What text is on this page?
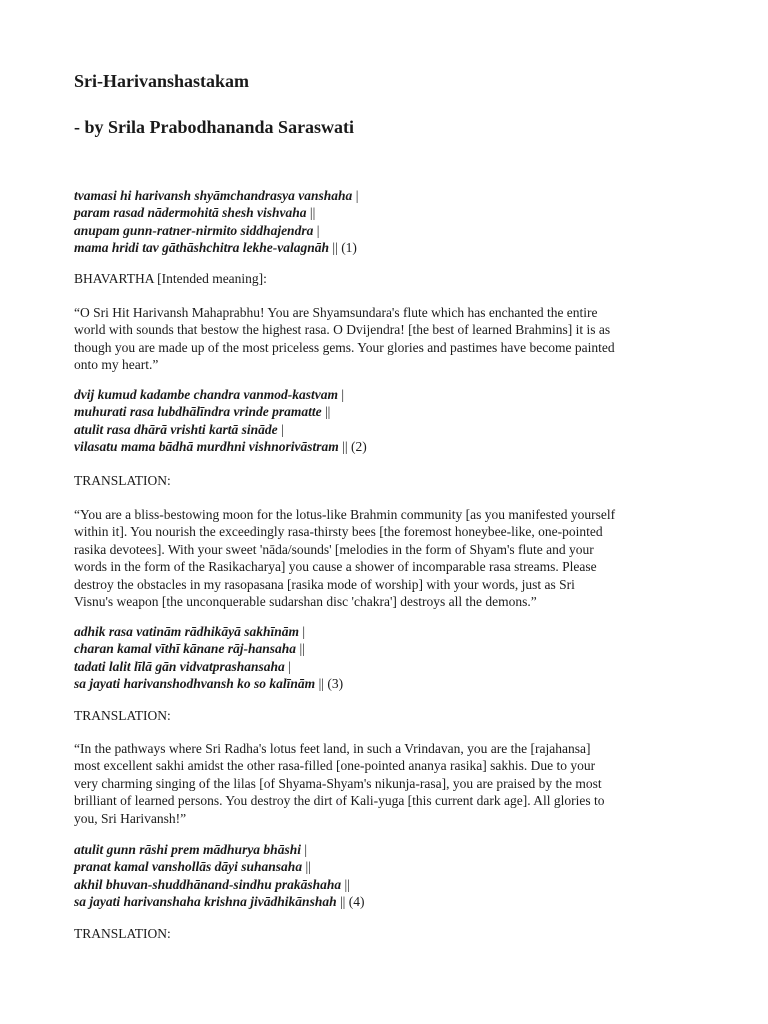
Sri-Harivanshastakam
- by Srila Prabodhananda Saraswati
tvamasi hi harivansh shyāmchandrasya vanshaha |
param rasad nādermohitā shesh vishvaha ||
anupam gunn-ratner-nirmito siddhajendra |
mama hridi tav gāthāshchitra lekhe-valagnāh || (1)
BHAVARTHA [Intended meaning]:
“O Sri Hit Harivansh Mahaprabhu! You are Shyamsundara's flute which has enchanted the entire
world with sounds that bestow the highest rasa. O Dvijendra! [the best of learned Brahmins] it is as
though you are made up of the most priceless gems. Your glories and pastimes have become painted
onto my heart.”
dvij kumud kadambe chandra vanmod-kastvam |
muhurati rasa lubdhālīndra vrinde pramatte ||
atulit rasa dhārā vrishti kartā sināde |
vilasatu mama bādhā murdhni vishnorivāstram || (2)
TRANSLATION:
“You are a bliss-bestowing moon for the lotus-like Brahmin community [as you manifested yourself
within it]. You nourish the exceedingly rasa-thirsty bees [the foremost honeybee-like, one-pointed
rasika devotees]. With your sweet 'nāda/sounds' [melodies in the form of Shyam's flute and your
words in the form of the Rasikacharya] you cause a shower of incomparable rasa streams. Please
destroy the obstacles in my rasopasana [rasika mode of worship] with your words, just as Sri
Visnu's weapon [the unconquerable sudarshan disc 'chakra'] destroys all the demons.”
adhik rasa vatinām rādhikāyā sakhīnām |
charan kamal vīthī kānane rāj-hansaha ||
tadati lalit līlā gān vidvatprashansaha |
sa jayati harivanshodhvansh ko so kalīnām || (3)
TRANSLATION:
“In the pathways where Sri Radha's lotus feet land, in such a Vrindavan, you are the [rajahansa]
most excellent sakhi amidst the other rasa-filled [one-pointed ananya rasika] sakhis. Due to your
very charming singing of the lilas [of Shyama-Shyam's nikunja-rasa], you are praised by the most
brilliant of learned persons. You destroy the dirt of Kali-yuga [this current dark age]. All glories to
you, Sri Harivansh!”
atulit gunn rāshi prem mādhurya bhāshi |
pranat kamal vanshollās dāyi suhansaha ||
akhil bhuvan-shuddhānand-sindhu prakāshaha ||
sa jayati harivanshaha krishna jivādhikānshah || (4)
TRANSLATION:
